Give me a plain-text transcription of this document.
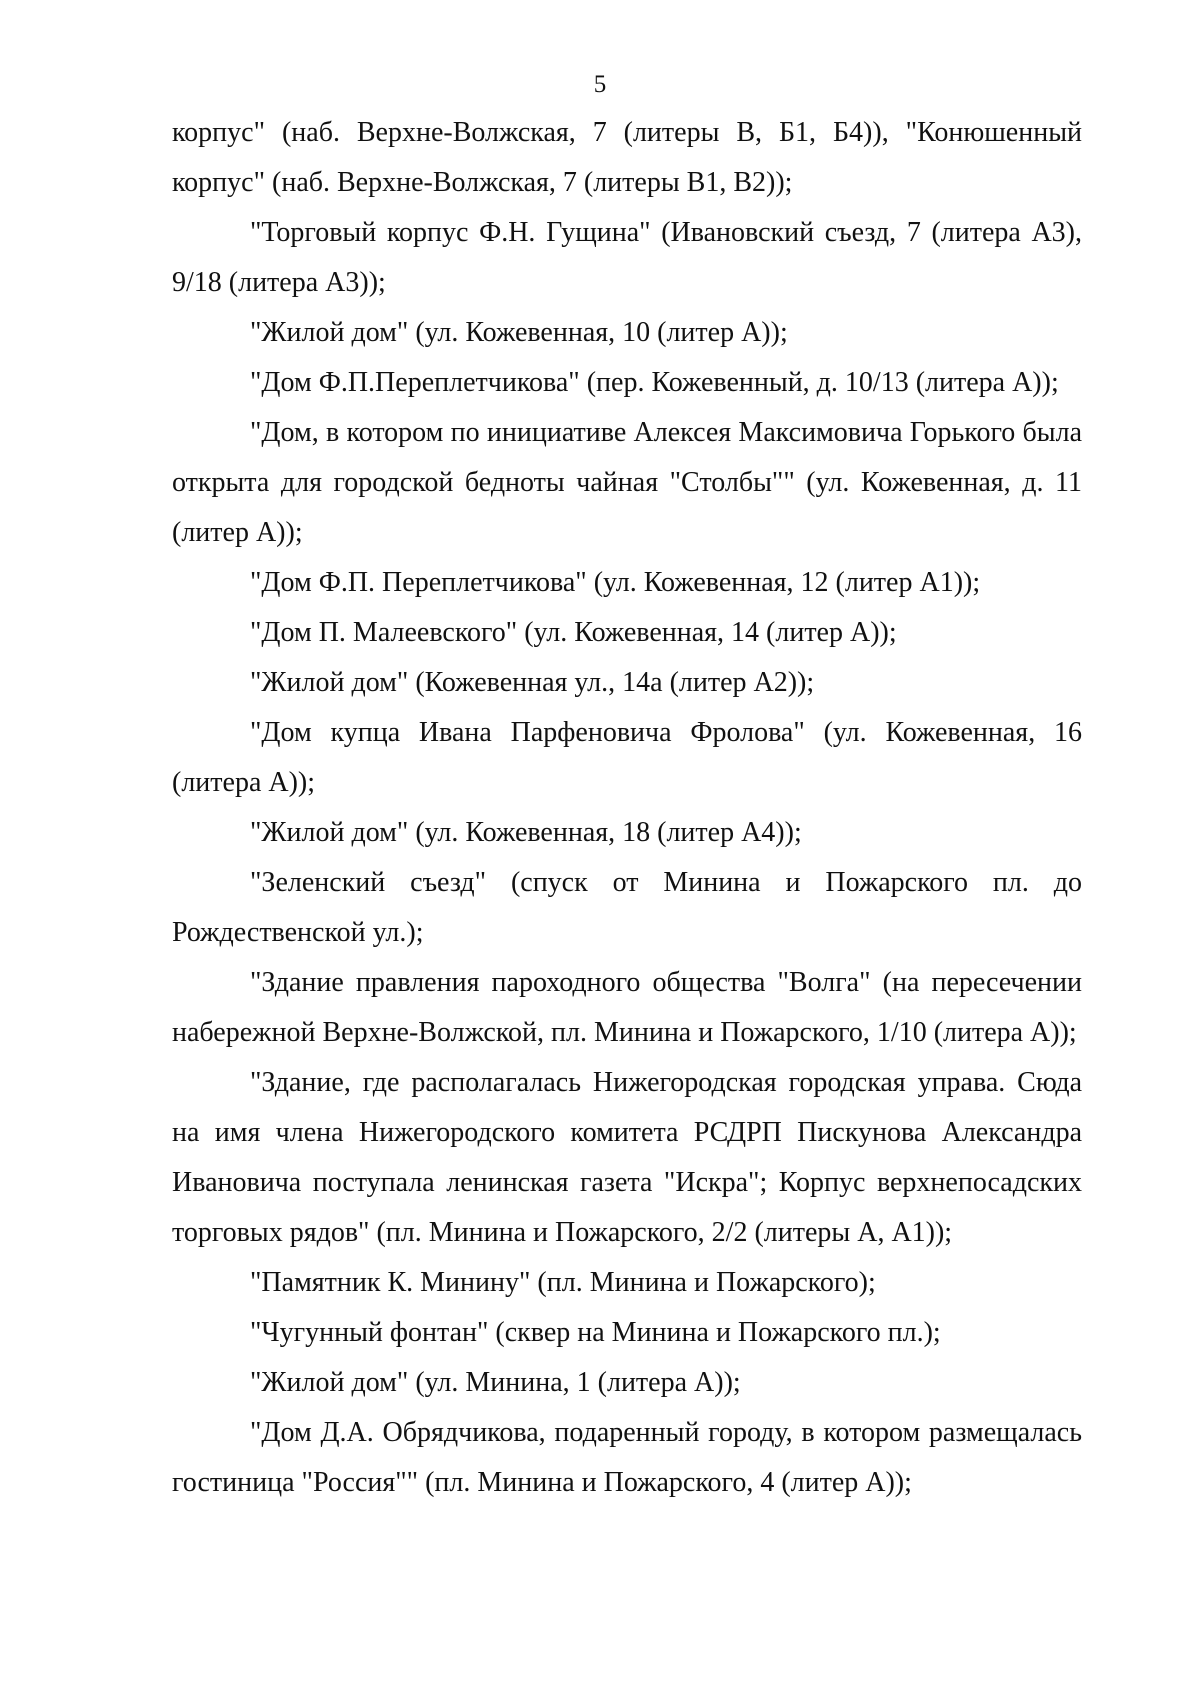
5

корпус" (наб. Верхне-Волжская, 7 (литеры В, Б1, Б4)), "Конюшенный корпус" (наб. Верхне-Волжская, 7 (литеры В1, В2));

"Торговый корпус Ф.Н. Гущина" (Ивановский съезд, 7 (литера А3), 9/18 (литера А3));

"Жилой дом" (ул. Кожевенная, 10 (литер А));

"Дом Ф.П.Переплетчикова" (пер. Кожевенный, д. 10/13 (литера А));

"Дом, в котором по инициативе Алексея Максимовича Горького была открыта для городской бедноты чайная "Столбы"" (ул. Кожевенная, д. 11 (литер А));

"Дом Ф.П. Переплетчикова" (ул. Кожевенная, 12 (литер А1));

"Дом П. Малеевского" (ул. Кожевенная, 14 (литер А));

"Жилой дом" (Кожевенная ул., 14а (литер А2));

"Дом купца Ивана Парфеновича Фролова" (ул. Кожевенная, 16 (литера А));

"Жилой дом" (ул. Кожевенная, 18 (литер А4));

"Зеленский съезд" (спуск от Минина и Пожарского пл. до Рождественской ул.);

"Здание правления пароходного общества "Волга" (на пересечении набережной Верхне-Волжской, пл. Минина и Пожарского, 1/10 (литера А));

"Здание, где располагалась Нижегородская городская управа. Сюда на имя члена Нижегородского комитета РСДРП Пискунова Александра Ивановича поступала ленинская газета "Искра"; Корпус верхнепосадских торговых рядов" (пл. Минина и Пожарского, 2/2 (литеры А, А1));

"Памятник К. Минину" (пл. Минина и Пожарского);

"Чугунный фонтан" (сквер на Минина и Пожарского пл.);

"Жилой дом" (ул. Минина, 1 (литера А));

"Дом Д.А. Обрядчикова, подаренный городу, в котором размещалась гостиница "Россия"" (пл. Минина и Пожарского, 4 (литер А));
